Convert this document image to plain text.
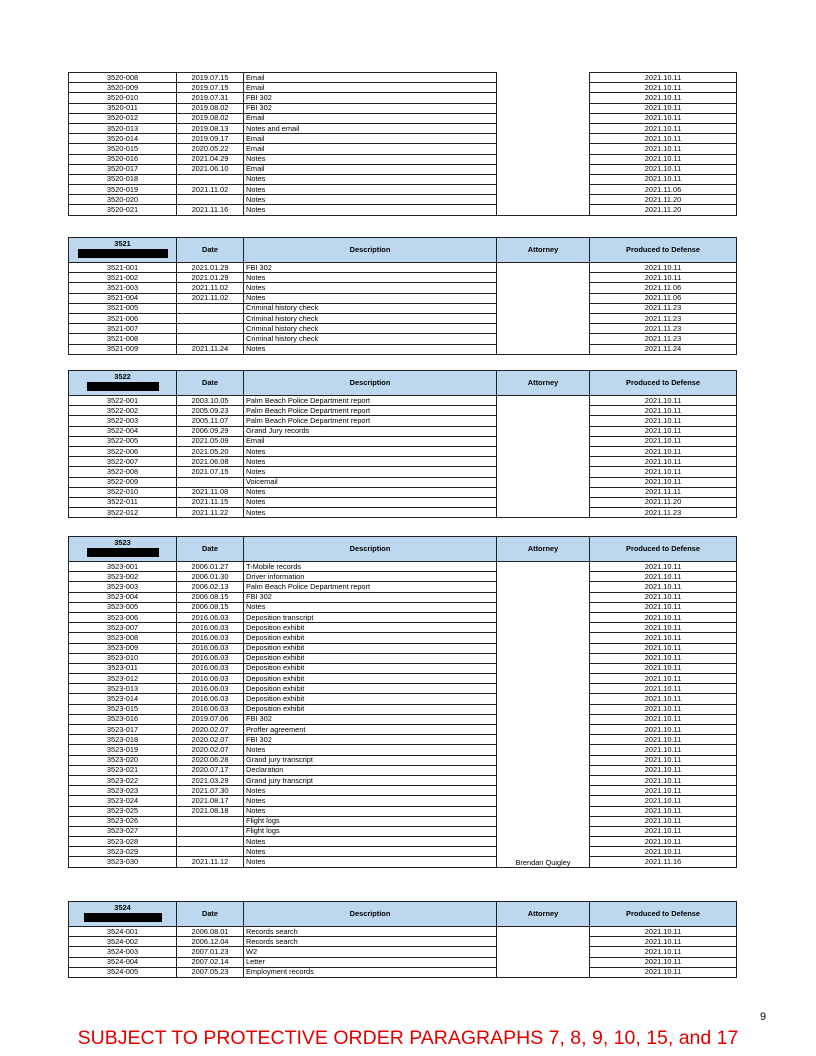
3520-008	2019.07.15	Email		2021.10.11
3520-009	2019.07.15	Email		2021.10.11
3520-010	2019.07.31	FBI 302		2021.10.11
3520-011	2019.08.02	FBI 302		2021.10.11
3520-012	2019.08.02	Email		2021.10.11
3520-013	2019.08.13	Notes and email		2021.10.11
3520-014	2019.09.17	Email		2021.10.11
3520-015	2020.05.22	Email		2021.10.11
3520-016	2021.04.29	Notes		2021.10.11
3520-017	2021.06.10	Email		2021.10.11
3520-018		Notes		2021.10.11
3520-019	2021.11.02	Notes		2021.11.06
3520-020		Notes		2021.11.20
3520-021	2021.11.16	Notes		2021.11.20
3521	Date	Description	Attorney	Produced to Defense
3521-001	2021.01.29	FBI 302		2021.10.11
3521-002	2021.01.29	Notes		2021.10.11
3521-003	2021.11.02	Notes		2021.11.06
3521-004	2021.11.02	Notes		2021.11.06
3521-005		Criminal history check		2021.11.23
3521-006		Criminal history check		2021.11.23
3521-007		Criminal history check		2021.11.23
3521-008		Criminal history check		2021.11.23
3521-009	2021.11.24	Notes		2021.11.24
3522	Date	Description	Attorney	Produced to Defense
3522-001	2003.10.05	Palm Beach Police Department report		2021.10.11
3522-002	2005.09.23	Palm Beach Police Department report		2021.10.11
3522-003	2005.11.07	Palm Beach Police Department report		2021.10.11
3522-004	2006.09.29	Grand Jury records		2021.10.11
3522-005	2021.05.09	Email		2021.10.11
3522-006	2021.05.20	Notes		2021.10.11
3522-007	2021.06.08	Notes		2021.10.11
3522-008	2021.07.15	Notes		2021.10.11
3522-009		Voicemail		2021.10.11
3522-010	2021.11.08	Notes		2021.11.11
3522-011	2021.11.15	Notes		2021.11.20
3522-012	2021.11.22	Notes		2021.11.23
3523	Date	Description	Attorney	Produced to Defense
3523-001	2006.01.27	T-Mobile records		2021.10.11
3523-002	2006.01.30	Driver information		2021.10.11
3523-003	2006.02.13	Palm Beach Police Department report		2021.10.11
3523-004	2006.08.15	FBI 302		2021.10.11
3523-005	2006.08.15	Notes		2021.10.11
3523-006	2016.06.03	Deposition transcript		2021.10.11
3523-007	2016.06.03	Deposition exhibit		2021.10.11
3523-008	2016.06.03	Deposition exhibit		2021.10.11
3523-009	2016.06.03	Deposition exhibit		2021.10.11
3523-010	2016.06.03	Deposition exhibit		2021.10.11
3523-011	2016.06.03	Deposition exhibit		2021.10.11
3523-012	2016.06.03	Deposition exhibit		2021.10.11
3523-013	2016.06.03	Deposition exhibit		2021.10.11
3523-014	2016.06.03	Deposition exhibit		2021.10.11
3523-015	2016.06.03	Deposition exhibit		2021.10.11
3523-016	2019.07.06	FBI 302		2021.10.11
3523-017	2020.02.07	Proffer agreement		2021.10.11
3523-018	2020.02.07	FBI 302		2021.10.11
3523-019	2020.02.07	Notes		2021.10.11
3523-020	2020.06.28	Grand jury transcript		2021.10.11
3523-021	2020.07.17	Declaration		2021.10.11
3523-022	2021.03.29	Grand jury transcript		2021.10.11
3523-023	2021.07.30	Notes		2021.10.11
3523-024	2021.08.17	Notes		2021.10.11
3523-025	2021.08.18	Notes		2021.10.11
3523-026		Flight logs		2021.10.11
3523-027		Flight logs		2021.10.11
3523-028		Notes		2021.10.11
3523-029		Notes		2021.10.11
3523-030	2021.11.12	Notes	Brendan Quigley	2021.11.16
3524	Date	Description	Attorney	Produced to Defense
3524-001	2006.08.01	Records search		2021.10.11
3524-002	2006.12.04	Records search		2021.10.11
3524-003	2007.01.23	W2		2021.10.11
3524-004	2007.02.14	Letter		2021.10.11
3524-005	2007.05.23	Employment records		2021.10.11
9
SUBJECT TO PROTECTIVE ORDER PARAGRAPHS 7, 8, 9, 10, 15, and 17
